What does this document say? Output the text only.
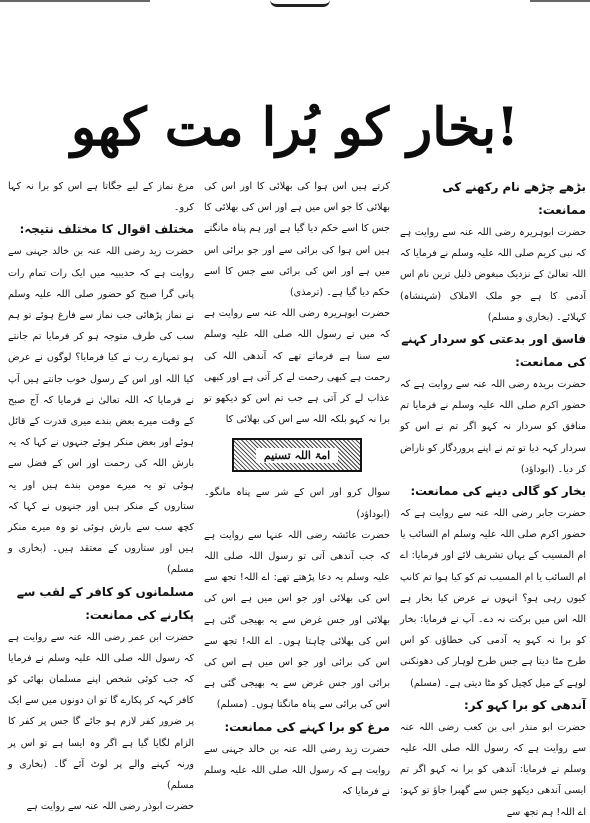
بخار کو بُرا مت کھو!

بڑھے چڑھے نام رکھنے کی ممانعت:

حضرت ابوہریرہ رضی اللہ عنہ سے روایت ہے کہ نبی کریم صلی اللہ علیہ وسلم نے فرمایا کہ اللہ تعالیٰ کے نزدیک مبغوض ذلیل ترین نام اس آدمی کا ہے جو ملک الاملاک (شہنشاہ) کہلائے۔ (بخاری و مسلم)

فاسق اور بدعتی کو سردار کہنے کی ممانعت:

حضرت بریدہ رضی اللہ عنہ سے روایت ہے کہ حضور اکرم صلی اللہ علیہ وسلم نے فرمایا تم منافق کو سردار نہ کہو اگر تم نے اس کو سردار کہہ دیا تو تم نے اپنے پروردگار کو ناراض کر دیا۔ (ابوداؤد)

بخار کو گالی دینے کی ممانعت:

حضرت جابر رضی اللہ عنہ سے روایت ہے کہ حضور اکرم صلی اللہ علیہ وسلم ام السائب یا ام المسیب کے یہاں تشریف لائے اور فرمایا: اے ام السائب یا ام المسیب تم کو کیا ہوا تم کانپ کیوں رہی ہو؟ انہوں نے عرض کیا بخار ہے اللہ اس میں برکت نہ دے۔ آپ نے فرمایا: بخار کو برا نہ کہو یہ آدمی کی خطاؤں کو اس طرح مٹا دیتا ہے جس طرح لوہار کی دھونکنی لوہے کے میل کچیل کو مٹا دیتی ہے۔ (مسلم)

آندھی کو برا کہو کر:

حضرت ابو منذر ابی بن کعب رضی اللہ عنہ سے روایت ہے کہ رسول اللہ صلی اللہ علیہ وسلم نے فرمایا: آندھی کو برا نہ کہو اگر تم ایسی آندھی دیکھو جس سے گھبرا جاؤ تو کہو: اے اللہ! ہم تجھ سے

کرتے ہیں اس ہوا کی بھلائی کا اور اس کی بھلائی کا جو اس میں ہے اور اس کی بھلائی کا جس کا اسے حکم دیا گیا ہے اور ہم پناہ مانگتے ہیں اس ہوا کی برائی سے اور جو برائی اس میں ہے اور اس کی برائی سے جس کا اسے حکم دیا گیا ہے۔ (ترمذی)

حضرت ابوہریرہ رضی اللہ عنہ سے روایت ہے کہ میں نے رسول اللہ صلی اللہ علیہ وسلم سے سنا ہے فرماتے تھے کہ آندھی اللہ کی رحمت ہے کبھی رحمت لے کر آتی ہے اور کبھی عذاب لے کر آتی ہے جب تم اس کو دیکھو تو برا نہ کہو بلکہ اللہ سے اس کی بھلائی کا

امۃ اللہ تسنیم

سوال کرو اور اس کے شر سے پناہ مانگو۔ (ابوداؤد)

حضرت عائشہ رضی اللہ عنہا سے روایت ہے کہ جب آندھی آتی تو رسول اللہ صلی اللہ علیہ وسلم یہ دعا پڑھتے تھے: اے اللہ! تجھ سے اس کی بھلائی اور جو اس میں ہے اس کی بھلائی اور جس غرض سے یہ بھیجی گئی ہے اس کی بھلائی چاہتا ہوں۔ اے اللہ! تجھ سے اس کی برائی اور جو اس میں ہے اس کی برائی اور جس غرض سے یہ بھیجی گئی ہے اس کی برائی سے پناہ مانگتا ہوں۔ (مسلم)

مرغ کو برا کہنے کی ممانعت:

حضرت زید رضی اللہ عنہ بن خالد جہنی سے روایت ہے کہ رسول اللہ صلی اللہ علیہ وسلم نے فرمایا کہ

مرغ نماز کے لیے جگاتا ہے اس کو برا نہ کہا کرو۔

مختلف اقوال کا مختلف نتیجہ:

حضرت زید رضی اللہ عنہ بن خالد جہنی سے روایت ہے کہ حدیبیہ میں ایک رات تمام رات پانی گرا صبح کو حضور صلی اللہ علیہ وسلم نے نماز پڑھائی جب نماز سے فارغ ہوئے تو ہم سب کی طرف متوجہ ہو کر فرمایا تم جانتے ہو تمہارے رب نے کیا فرمایا؟ لوگوں نے عرض کیا اللہ اور اس کے رسول خوب جانتے ہیں آپ نے فرمایا کہ اللہ تعالیٰ نے فرمایا کہ آج صبح کے وقت میرے بعض بندے میری قدرت کے قائل ہوئے اور بعض منکر ہوئے جنہوں نے کہا کہ یہ بارش اللہ کی رحمت اور اس کے فضل سے ہوئی تو یہ میرے مومن بندے ہیں اور یہ ستاروں کے منکر ہیں اور جنہوں نے کہا کہ کچھ سب سے بارش ہوئی تو وہ میرے منکر ہیں اور ستاروں کے معتقد ہیں۔ (بخاری و مسلم)

مسلمانوں کو کافر کے لقب سے پکارنے کی ممانعت:

حضرت ابن عمر رضی اللہ عنہ سے روایت ہے کہ رسول اللہ صلی اللہ علیہ وسلم نے فرمایا کہ جب کوئی شخص اپنے مسلمان بھائی کو کافر کہہ کر پکارے گا تو ان دونوں میں سے ایک پر ضرور کفر لازم ہو جائے گا جس پر کفر کا الزام لگایا گیا ہے اگر وہ ایسا ہے تو اس پر ورنہ کہنے والے پر لوٹ آئے گا۔ (بخاری و مسلم)

حضرت ابوذر رضی اللہ عنہ سے روایت ہے
